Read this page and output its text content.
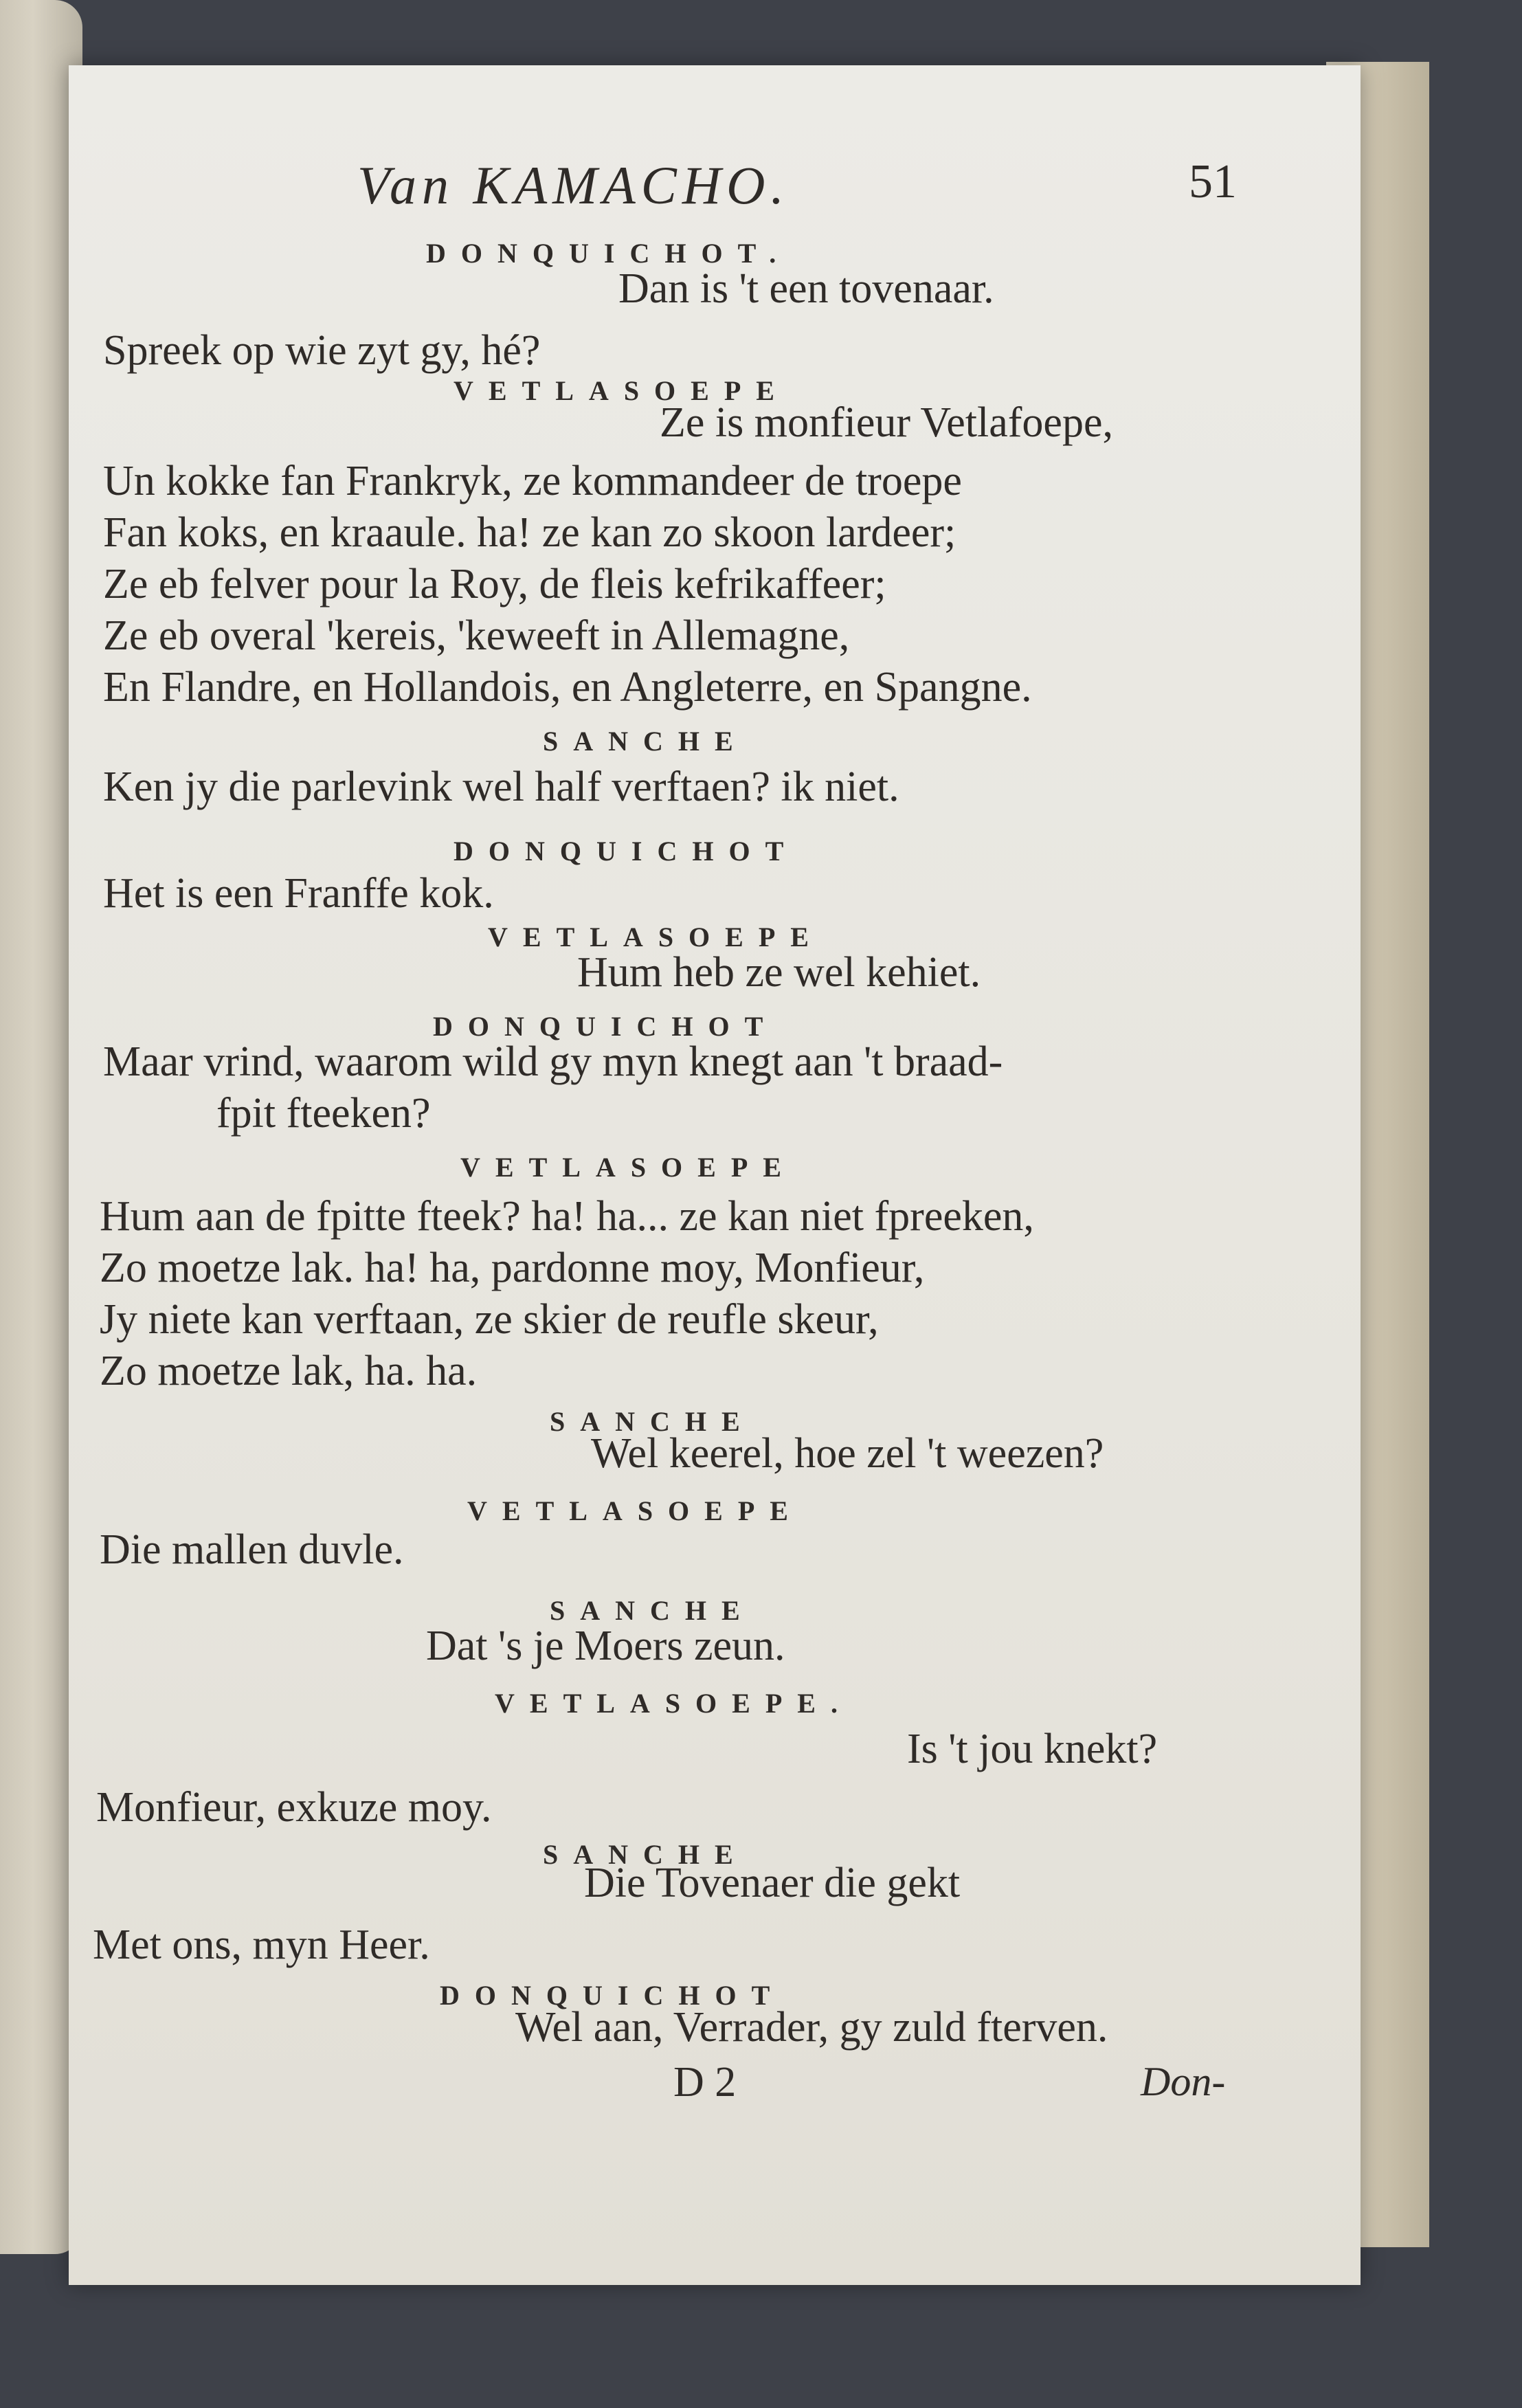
Van KAMACHO.	51
DONQUICHOT.
Dan is 't een tovenaar.
Spreek op wie zyt gy, hé?
VETLASOEPE
Ze is monfieur Vetlafoepe,
Un kokke fan Frankryk, ze kommandeer de troepe
Fan koks, en kraaule. ha! ze kan zo skoon lardeer;
Ze eb felver pour la Roy, de fleis kefrikaffeer;
Ze eb overal 'kereis, 'keweeft in Allemagne,
En Flandre, en Hollandois, en Angleterre, en Spangne.
SANCHE
Ken jy die parlevink wel half verftaen? ik niet.
DONQUICHOT
Het is een Franffe kok.
VETLASOEPE
Hum heb ze wel kehiet.
DONQUICHOT
Maar vrind, waarom wild gy myn knegt aan 't braad-
fpit fteeken?
VETLASOEPE
Hum aan de fpitte fteek? ha! ha... ze kan niet fpreeken,
Zo moetze lak. ha! ha, pardonne moy, Monfieur,
Jy niete kan verftaan, ze skier de reufle skeur,
Zo moetze lak, ha. ha.
SANCHE
Wel keerel, hoe zel 't weezen?
VETLASOEPE
Die mallen duvle.
SANCHE
Dat 's je Moers zeun.
VETLASOEPE.
Is 't jou knekt?
Monfieur, exkuze moy.
SANCHE
Die Tovenaer die gekt
Met ons, myn Heer.
DONQUICHOT
Wel aan, Verrader, gy zuld fterven.
D 2	Don-
